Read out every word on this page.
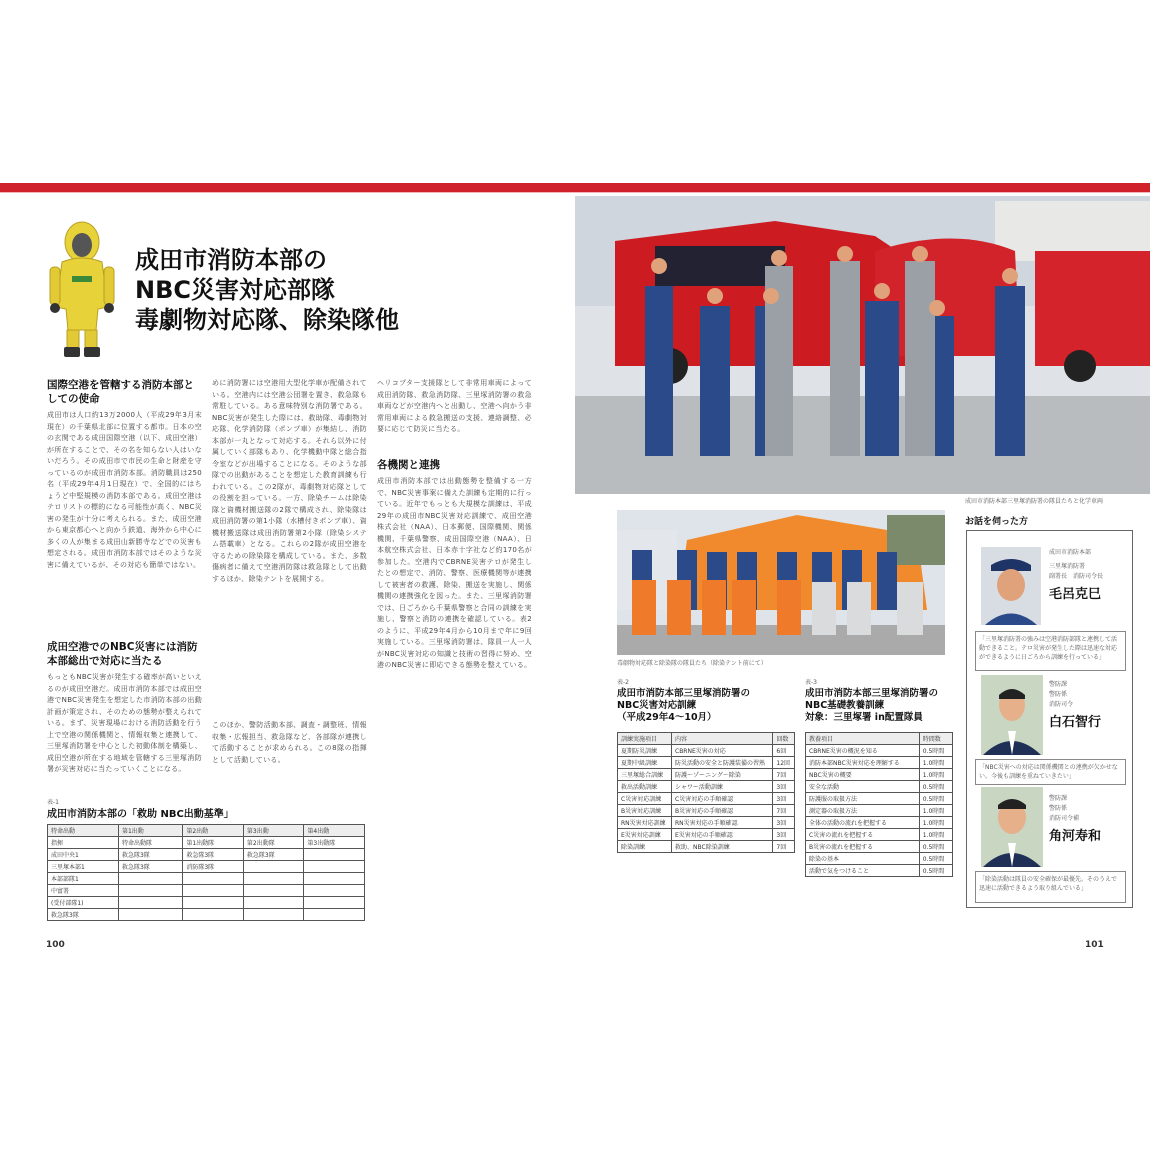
成田市消防本部の
NBC災害対応部隊
毒劇物対応隊、除染隊他
国際空港を管轄する消防本部としての使命
成田市は人口約13万2000人（平成29年3月末現在）の千葉県北部に位置する都市。日本の空の玄関である成田国際空港（以下、成田空港）が所在することで、その名を知らない人はいないだろう。その成田市で市民の生命と財産を守っているのが成田市消防本部。消防職員は250名（平成29年4月1日現在）で、全国的にはちょうど中堅規模の消防本部である。成田空港はテロリストの標的になる可能性が高く、NBC災害の発生が十分に考えられる。また、成田空港から東京都心へと向かう鉄道、海外から中心に多くの人が集まる成田山新勝寺などでの災害も想定される。成田市消防本部ではそのような災害に備えているが、その対応も簡単ではない。
成田空港でのNBC災害には消防本部総出で対応に当たる
もっともNBC災害が発生する確率が高いといえるのが成田空港だ。成田市消防本部では成田空港でNBC災害発生を想定した市消防本部の出動計画が策定され、そのための態勢が整えられている。まず、災害現場における消防活動を行う上で空港の関係機関と、情報収集と連携して、三里塚消防署を中心とした初動体制を構築し、成田空港が所在する地域を管轄する三里塚消防署が災害対応に当たっていくことになる。
めに消防署には空港用大型化学車が配備されている。空港内には空港公団署を置き、救急隊も常駐している。ある意味特別な消防署である。NBC災害が発生した際には、救助隊、毒劇物対応隊、化学消防隊（ポンプ車）が集結し、消防本部が一丸となって対応する。それら以外に付属していく部隊もあり、化学機動中隊と総合指令室などが出場することになる。そのような部隊での出動があることを想定した教育訓練も行われている。この2隊が、毒劇物対応隊としての役割を担っている。一方、除染チームは除染隊と資機材搬送隊の2隊で構成され、除染隊は成田消防署の第1小隊（水槽付きポンプ車）、資機材搬送隊は成田消防署第2小隊（除染システム搭載車）となる。これらの2隊が成田空港を守るための除染隊を構成している。また、多数傷病者に備えて空港消防隊は救急隊として出動するほか、除染テントを展開する。
このほか、警防活動本部、調査・調整班、情報収集・広報担当、救急隊など、各部隊が連携して活動することが求められる。この8隊の指揮として活動している。
ヘリコプター支援隊として非常用車両によって成田消防隊、救急消防隊、三里塚消防署の救急車両などが空港内へと出動し、空港へ向かう非常用車両による救急搬送の支援、連絡調整、必要に応じて防災に当たる。
各機関と連携
成田市消防本部では出動態勢を整備する一方で、NBC災害事案に備えた訓練も定期的に行っている。近年でもっとも大規模な訓練は、平成29年の成田市NBC災害対応訓練で、成田空港株式会社（NAA）、日本郵便、国際機関、関係機関、千葉県警察、成田国際空港（NAA）、日本航空株式会社、日本赤十字社など約170名が参加した。空港内でCBRNE災害テロが発生したとの想定で、消防、警察、医療機関等が連携して被害者の救護、除染、搬送を実施し、関係機関の連携強化を図った。また、三里塚消防署では、日ごろから千葉県警察と合同の訓練を実施し、警察と消防の連携を確認している。表2のように、平成29年4月から10月まで年に9回実施している。三里塚消防署は、隊員一人一人がNBC災害対応の知識と技術の習得に努め、空港のNBC災害に即応できる態勢を整えている。
表-1
成田市消防本部の「救助 NBC出動基準」
特命出動	第1出動	第2出動	第3出動	第4出動
指揮	特命出動隊	第1出動隊	第2出動隊	第3出動隊
成田中央1	救急隊3隊	救急隊3隊	救急隊3隊	
三里塚本部1	救急隊3隊	消防隊3隊		
本部部隊1				
中富署				
(受付部隊1)				
救急隊3隊				
100
成田市消防本部三里塚消防署の隊員たちと化学車両
毒劇物対応隊と除染隊の隊員たち（除染テント前にて）
表-2
成田市消防本部三里塚消防署の
NBC災害対応訓練
（平成29年4〜10月）
訓練実施項目	内容	回数
夏期防災訓練	CBRNE災害の対応	6回
夏期中級訓練	防災活動の安全と防護装備の習熟	12回
三里塚総合訓練	防護〜ゾーニング〜除染	7回
救出活動訓練	シャワー活動訓練	3回
C災害対応訓練	C災害対応の手順確認	3回
B災害対応訓練	B災害対応の手順確認	7回
RN災害対応訓練	RN災害対応の手順確認	3回
E災害対応訓練	E災害対応の手順確認	3回
除染訓練	救助、NBC除染訓練	7回
表-3
成田市消防本部三里塚消防署の
NBC基礎教養訓練
対象：三里塚署 in配置隊員
教養項目	時間数
CBRNE災害の概況を知る	0.5時間
消防本部NBC災害対応を理解する	1.0時間
NBC災害の概要	1.0時間
安全な活動	0.5時間
防護服の取扱方法	0.5時間
測定器の取扱方法	1.0時間
全体の活動の流れを把握する	1.0時間
C災害の流れを把握する	1.0時間
B災害の流れを把握する	0.5時間
除染の基本	0.5時間
活動で気をつけること	0.5時間
お話を伺った方
成田市消防本部
三里塚消防署
副署長　消防司令長
毛呂克巳
「三里塚消防署の強みは空港消防部隊と連携して活動できること。テロ災害が発生した際は迅速な対応ができるように日ごろから訓練を行っている」
警防課
警防係
消防司令
白石智行
「NBC災害への対応は関係機関との連携が欠かせない。今後も訓練を重ねていきたい」
警防課
警防係
消防司令補
角河寿和
「除染活動は隊員の安全確保が最優先。そのうえで迅速に活動できるよう取り組んでいる」
101
